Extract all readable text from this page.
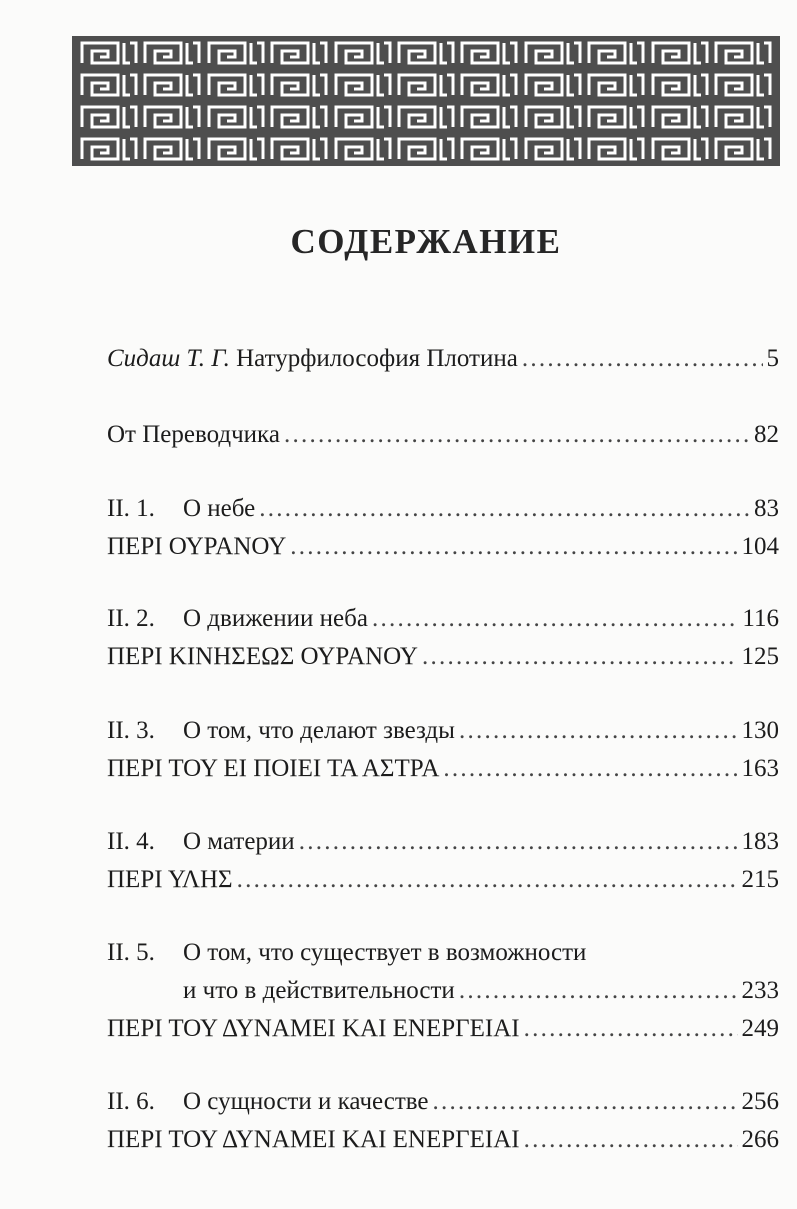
СОДЕРЖАНИЕ
Сидаш Т. Г. Натурфилософия Плотина . . .	5
От Переводчика . . .	82
II. 1.	О небе . . .	83
ΠΕΡΙ ΟΥΡΑΝΟΥ . . .	104
II. 2.	О движении неба . . .	116
ΠΕΡΙ ΚΙΝΗΣΕΩΣ ΟΥΡΑΝΟΥ . . .	125
II. 3.	О том, что делают звезды . . .	130
ΠΕΡΙ ΤΟΥ ΕΙ ΠΟΙΕΙ ΤΑ ΑΣΤΡΑ . . .	163
II. 4.	О материи . . .	183
ΠΕΡΙ ΥΛΗΣ . . .	215
II. 5.	О том, что существует в возможности
и что в действительности . . .	233
ΠΕΡΙ ΤΟΥ ΔΥΝΑΜΕΙ ΚΑΙ ΕΝΕΡΓΕΙΑΙ . . .	249
II. 6.	О сущности и качестве . . .	256
ΠΕΡΙ ΤΟΥ ΔΥΝΑΜΕΙ ΚΑΙ ΕΝΕΡΓΕΙΑΙ . . .	266
